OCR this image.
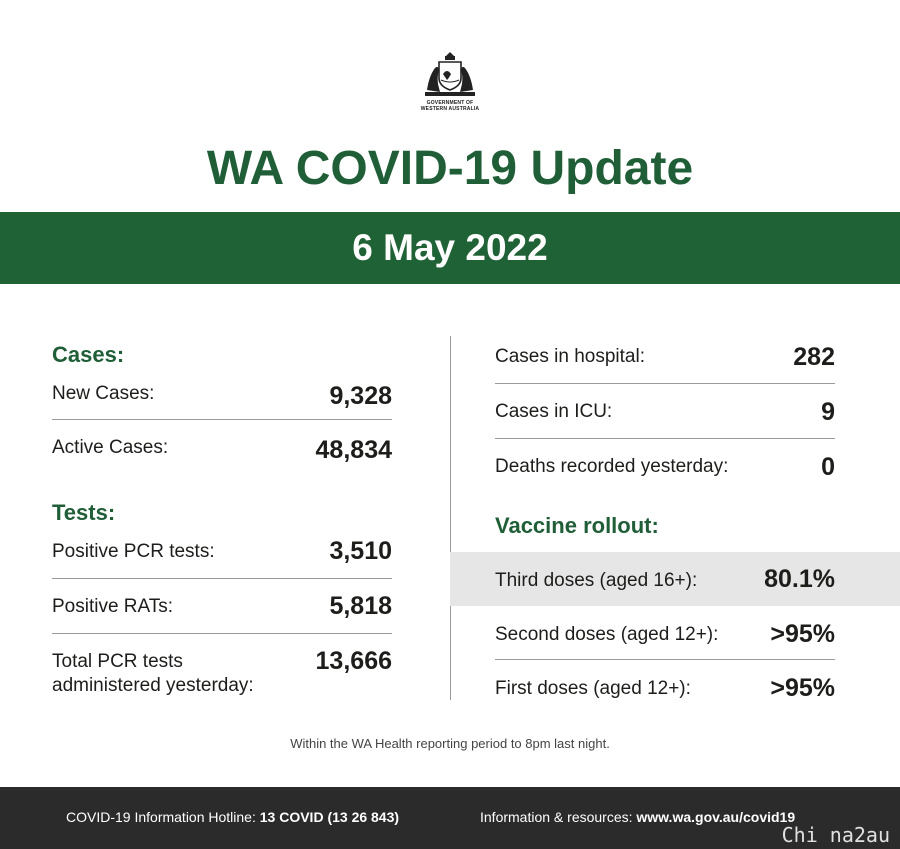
GOVERNMENT OF
WESTERN AUSTRALIA
WA COVID-19 Update
6 May 2022
Cases:
New Cases:	9,328
Active Cases:	48,834
Tests:
Positive PCR tests:	3,510
Positive RATs:	5,818
Total PCR tests
administered yesterday:
13,666
Cases in hospital:	282
Cases in ICU:	9
Deaths recorded yesterday:	0
Vaccine rollout:
Third doses (aged 16+):	80.1%
Second doses (aged 12+): >95%
First doses (aged 12+):	>95%
Within the WA Health reporting period to 8pm last night.
COVID-19 Information Hotline: 13 COVID (13 26 843)	Information & resources: www.wa.gov.au/covid19
Chi na2au
